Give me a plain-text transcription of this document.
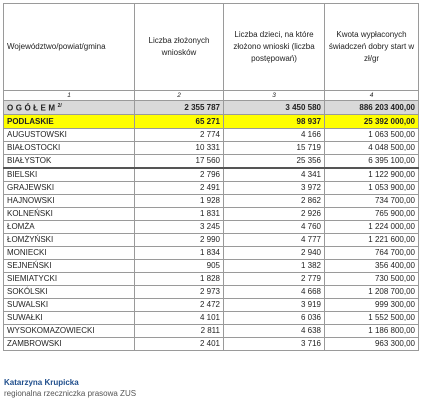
Województwo/powiat/gmina	Liczba złożonych wniosków	Liczba dzieci, na które złożono wnioski (liczba postępowań)	Kwota wypłaconych świadczeń dobry start w zł/gr
1	2	3	4
$OGÓŁEM^{2/}$	2 355 787	3 450 580	886 203 400,00
PODLASKIE	65 271	98 937	25 392 000,00
AUGUSTOWSKI	2 774	4 166	1 063 500,00
BIAŁOSTOCKI	10 331	15 719	4 048 500,00
BIAŁYSTOK	17 560	25 356	6 395 100,00
BIELSKI	2 796	4 341	1 122 900,00
GRAJEWSKI	2 491	3 972	1 053 900,00
HAJNOWSKI	1 928	2 862	734 700,00
KOLNEŃSKI	1 831	2 926	765 900,00
ŁOMŻA	3 245	4 760	1 224 000,00
ŁOMŻYŃSKI	2 990	4 777	1 221 600,00
MONIECKI	1 834	2 940	764 700,00
SEJNEŃSKI	905	1 382	356 400,00
SIEMIATYCKI	1 828	2 779	730 500,00
SOKÓLSKI	2 973	4 668	1 208 700,00
SUWALSKI	2 472	3 919	999 300,00
SUWAŁKI	4 101	6 036	1 552 500,00
WYSOKOMAZOWIECKI	2 811	4 638	1 186 800,00
ZAMBROWSKI	2 401	3 716	963 300,00
Katarzyna Krupicka
regionalna rzeczniczka prasowa ZUS
